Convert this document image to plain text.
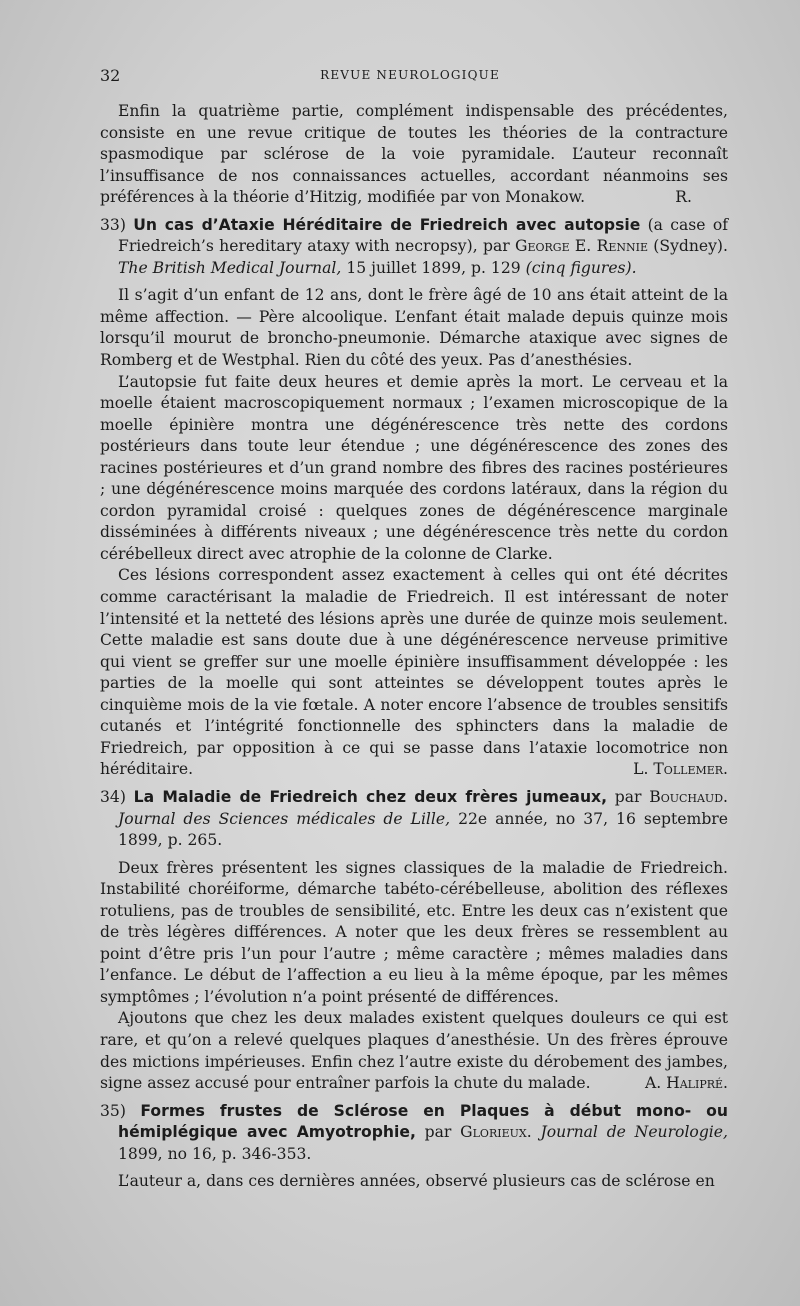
32	REVUE NEUROLOGIQUE

Enfin la quatrième partie, complément indispensable des précédentes, consiste en une revue critique de toutes les théories de la contracture spasmodique par sclérose de la voie pyramidale. L’auteur reconnaît l’insuffisance de nos connaissances actuelles, accordant néanmoins ses préférences à la théorie d’Hitzig, modifiée par von Monakow.	R.

33) Un cas d’Ataxie Héréditaire de Friedreich avec autopsie (a case of Friedreich’s hereditary ataxy with necropsy), par George E. Rennie (Sydney). The British Medical Journal, 15 juillet 1899, p. 129 (cinq figures).

Il s’agit d’un enfant de 12 ans, dont le frère âgé de 10 ans était atteint de la même affection. — Père alcoolique. L’enfant était malade depuis quinze mois lorsqu’il mourut de broncho-pneumonie. Démarche ataxique avec signes de Romberg et de Westphal. Rien du côté des yeux. Pas d’anesthésies.

L’autopsie fut faite deux heures et demie après la mort. Le cerveau et la moelle étaient macroscopiquement normaux ; l’examen microscopique de la moelle épinière montra une dégénérescence très nette des cordons postérieurs dans toute leur étendue ; une dégénérescence des zones des racines postérieures et d’un grand nombre des fibres des racines postérieures ; une dégénérescence moins marquée des cordons latéraux, dans la région du cordon pyramidal croisé : quelques zones de dégénérescence marginale disséminées à différents niveaux ; une dégénérescence très nette du cordon cérébelleux direct avec atrophie de la colonne de Clarke.

Ces lésions correspondent assez exactement à celles qui ont été décrites comme caractérisant la maladie de Friedreich. Il est intéressant de noter l’intensité et la netteté des lésions après une durée de quinze mois seulement. Cette maladie est sans doute due à une dégénérescence nerveuse primitive qui vient se greffer sur une moelle épinière insuffisamment développée : les parties de la moelle qui sont atteintes se développent toutes après le cinquième mois de la vie fœtale. A noter encore l’absence de troubles sensitifs cutanés et l’intégrité fonctionnelle des sphincters dans la maladie de Friedreich, par opposition à ce qui se passe dans l’ataxie locomotrice non héréditaire.	L. Tollemer.

34) La Maladie de Friedreich chez deux frères jumeaux, par Bouchaud. Journal des Sciences médicales de Lille, 22e année, no 37, 16 septembre 1899, p. 265.

Deux frères présentent les signes classiques de la maladie de Friedreich. Instabilité choréiforme, démarche tabéto-cérébelleuse, abolition des réflexes rotuliens, pas de troubles de sensibilité, etc. Entre les deux cas n’existent que de très légères différences. A noter que les deux frères se ressemblent au point d’être pris l’un pour l’autre ; même caractère ; mêmes maladies dans l’enfance. Le début de l’affection a eu lieu à la même époque, par les mêmes symptômes ; l’évolution n’a point présenté de différences.

Ajoutons que chez les deux malades existent quelques douleurs ce qui est rare, et qu’on a relevé quelques plaques d’anesthésie. Un des frères éprouve des mictions impérieuses. Enfin chez l’autre existe du dérobement des jambes, signe assez accusé pour entraîner parfois la chute du malade.	A. Halipré.

35) Formes frustes de Sclérose en Plaques à début mono- ou hémiplégique avec Amyotrophie, par Glorieux. Journal de Neurologie, 1899, no 16, p. 346-353.

L’auteur a, dans ces dernières années, observé plusieurs cas de sclérose en
